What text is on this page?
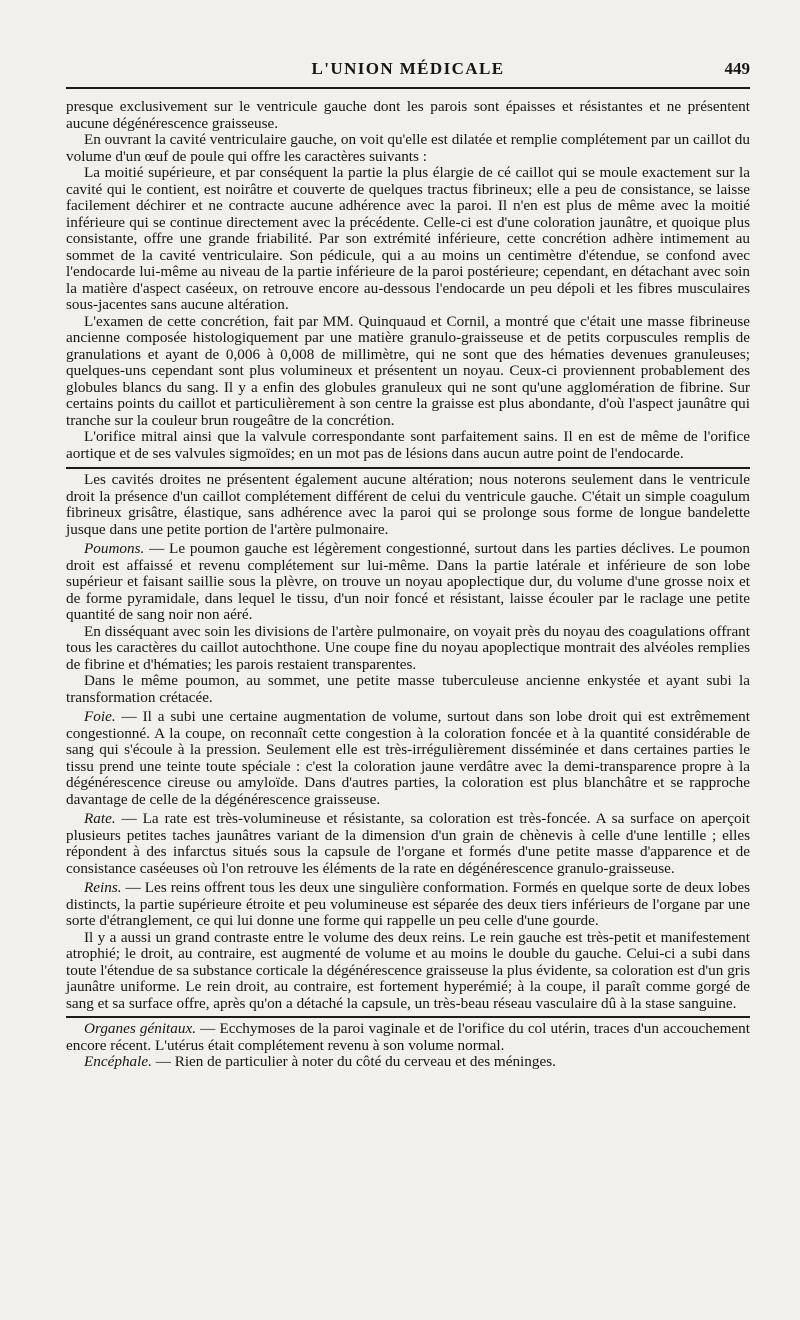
L'UNION MÉDICALE	449

presque exclusivement sur le ventricule gauche dont les parois sont épaisses et résistantes et ne présentent aucune dégénérescence graisseuse.

En ouvrant la cavité ventriculaire gauche, on voit qu'elle est dilatée et remplie complétement par un caillot du volume d'un œuf de poule qui offre les caractères suivants :

La moitié supérieure, et par conséquent la partie la plus élargie de cé caillot qui se moule exactement sur la cavité qui le contient, est noirâtre et couverte de quelques tractus fibrineux; elle a peu de consistance, se laisse facilement déchirer et ne contracte aucune adhérence avec la paroi. Il n'en est plus de même avec la moitié inférieure qui se continue directement avec la précédente. Celle-ci est d'une coloration jaunâtre, et quoique plus consistante, offre une grande friabilité. Par son extrémité inférieure, cette concrétion adhère intimement au sommet de la cavité ventriculaire. Son pédicule, qui a au moins un centimètre d'étendue, se confond avec l'endocarde lui-même au niveau de la partie inférieure de la paroi postérieure; cependant, en détachant avec soin la matière d'aspect caséeux, on retrouve encore au-dessous l'endocarde un peu dépoli et les fibres musculaires sous-jacentes sans aucune altération.

L'examen de cette concrétion, fait par MM. Quinquaud et Cornil, a montré que c'était une masse fibrineuse ancienne composée histologiquement par une matière granulo-graisseuse et de petits corpuscules remplis de granulations et ayant de 0,006 à 0,008 de millimètre, qui ne sont que des hématies devenues granuleuses; quelques-uns cependant sont plus volumineux et présentent un noyau. Ceux-ci proviennent probablement des globules blancs du sang. Il y a enfin des globules granuleux qui ne sont qu'une agglomération de fibrine. Sur certains points du caillot et particulièrement à son centre la graisse est plus abondante, d'où l'aspect jaunâtre qui tranche sur la couleur brun rougeâtre de la concrétion.

L'orifice mitral ainsi que la valvule correspondante sont parfaitement sains. Il en est de même de l'orifice aortique et de ses valvules sigmoïdes; en un mot pas de lésions dans aucun autre point de l'endocarde.

Les cavités droites ne présentent également aucune altération; nous noterons seulement dans le ventricule droit la présence d'un caillot complétement différent de celui du ventricule gauche. C'était un simple coagulum fibrineux grisâtre, élastique, sans adhérence avec la paroi qui se prolonge sous forme de longue bandelette jusque dans une petite portion de l'artère pulmonaire.

Poumons. — Le poumon gauche est légèrement congestionné, surtout dans les parties déclives. Le poumon droit est affaissé et revenu complétement sur lui-même. Dans la partie latérale et inférieure de son lobe supérieur et faisant saillie sous la plèvre, on trouve un noyau apoplectique dur, du volume d'une grosse noix et de forme pyramidale, dans lequel le tissu, d'un noir foncé et résistant, laisse écouler par le raclage une petite quantité de sang noir non aéré.

En disséquant avec soin les divisions de l'artère pulmonaire, on voyait près du noyau des coagulations offrant tous les caractères du caillot autochthone. Une coupe fine du noyau apoplectique montrait des alvéoles remplies de fibrine et d'hématies; les parois restaient transparentes.

Dans le même poumon, au sommet, une petite masse tuberculeuse ancienne enkystée et ayant subi la transformation crétacée.

Foie. — Il a subi une certaine augmentation de volume, surtout dans son lobe droit qui est extrêmement congestionné. A la coupe, on reconnaît cette congestion à la coloration foncée et à la quantité considérable de sang qui s'écoule à la pression. Seulement elle est très-irrégulièrement disséminée et dans certaines parties le tissu prend une teinte toute spéciale : c'est la coloration jaune verdâtre avec la demi-transparence propre à la dégénérescence cireuse ou amyloïde. Dans d'autres parties, la coloration est plus blanchâtre et se rapproche davantage de celle de la dégénérescence graisseuse.

Rate. — La rate est très-volumineuse et résistante, sa coloration est très-foncée. A sa surface on aperçoit plusieurs petites taches jaunâtres variant de la dimension d'un grain de chènevis à celle d'une lentille ; elles répondent à des infarctus situés sous la capsule de l'organe et formés d'une petite masse d'apparence et de consistance caséeuses où l'on retrouve les éléments de la rate en dégénérescence granulo-graisseuse.

Reins. — Les reins offrent tous les deux une singulière conformation. Formés en quelque sorte de deux lobes distincts, la partie supérieure étroite et peu volumineuse est séparée des deux tiers inférieurs de l'organe par une sorte d'étranglement, ce qui lui donne une forme qui rappelle un peu celle d'une gourde.

Il y a aussi un grand contraste entre le volume des deux reins. Le rein gauche est très-petit et manifestement atrophié; le droit, au contraire, est augmenté de volume et au moins le double du gauche. Celui-ci a subi dans toute l'étendue de sa substance corticale la dégénérescence graisseuse la plus évidente, sa coloration est d'un gris jaunâtre uniforme. Le rein droit, au contraire, est fortement hyperémié; à la coupe, il paraît comme gorgé de sang et sa surface offre, après qu'on a détaché la capsule, un très-beau réseau vasculaire dû à la stase sanguine.

Organes génitaux. — Ecchymoses de la paroi vaginale et de l'orifice du col utérin, traces d'un accouchement encore récent. L'utérus était complétement revenu à son volume normal.

Encéphale. — Rien de particulier à noter du côté du cerveau et des méninges.
